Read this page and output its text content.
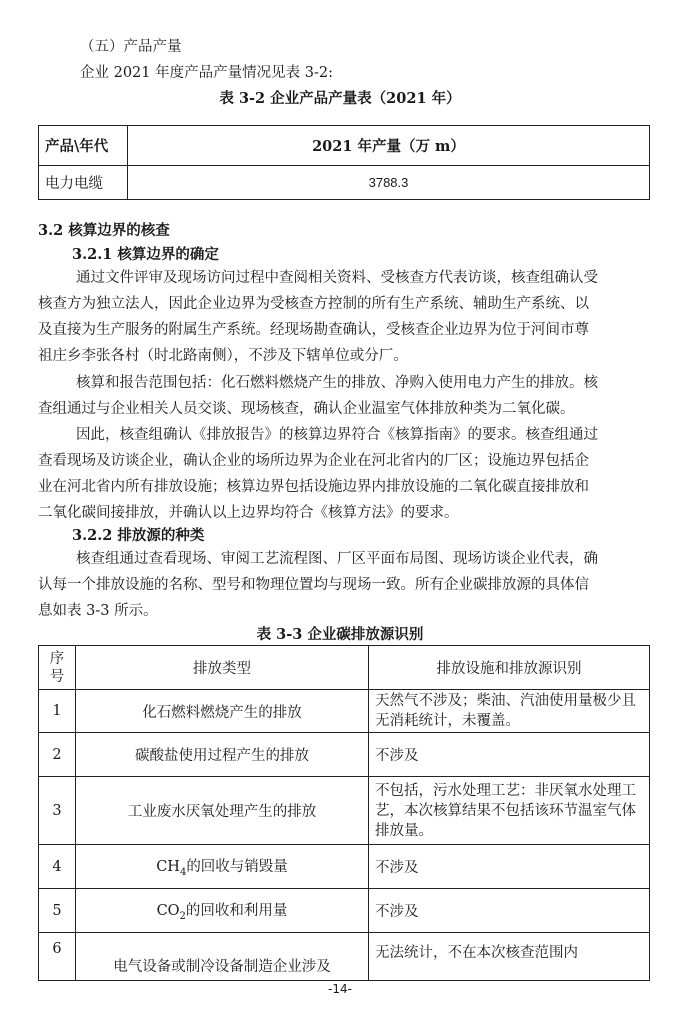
（五）产品产量
企业 2021 年度产品产量情况见表 3-2:
表 3-2 企业产品产量表（2021 年）
产品\年代	2021 年产量（万 m）
电力电缆	3788.3
3.2 核算边界的核查
3.2.1 核算边界的确定
通过文件评审及现场访问过程中查阅相关资料、受核查方代表访谈，核查组确认受
核查方为独立法人，因此企业边界为受核查方控制的所有生产系统、辅助生产系统、以
及直接为生产服务的附属生产系统。经现场勘查确认，受核查企业边界为位于河间市尊
祖庄乡李张各村（时北路南侧），不涉及下辖单位或分厂。
核算和报告范围包括：化石燃料燃烧产生的排放、净购入使用电力产生的排放。核
查组通过与企业相关人员交谈、现场核查，确认企业温室气体排放种类为二氧化碳。
因此，核查组确认《排放报告》的核算边界符合《核算指南》的要求。核查组通过
查看现场及访谈企业，确认企业的场所边界为企业在河北省内的厂区；设施边界包括企
业在河北省内所有排放设施；核算边界包括设施边界内排放设施的二氧化碳直接排放和
二氧化碳间接排放，并确认以上边界均符合《核算方法》的要求。
3.2.2 排放源的种类
核查组通过查看现场、审阅工艺流程图、厂区平面布局图、现场访谈企业代表，确
认每一个排放设施的名称、型号和物理位置均与现场一致。所有企业碳排放源的具体信
息如表 3-3 所示。
表 3-3 企业碳排放源识别
序
号	排放类型	排放设施和排放源识别
1	化石燃料燃烧产生的排放	天然气不涉及；柴油、汽油使用量极少且
无消耗统计，未覆盖。
2	碳酸盐使用过程产生的排放	不涉及
3	工业废水厌氧处理产生的排放	不包括，污水处理工艺：非厌氧水处理工
艺，本次核算结果不包括该环节温室气体
排放量。
4	$CH_4$的回收与销毁量	不涉及
5	$CO_2$的回收和利用量	不涉及
6	电气设备或制冷设备制造企业涉及	无法统计，不在本次核查范围内
-14-
